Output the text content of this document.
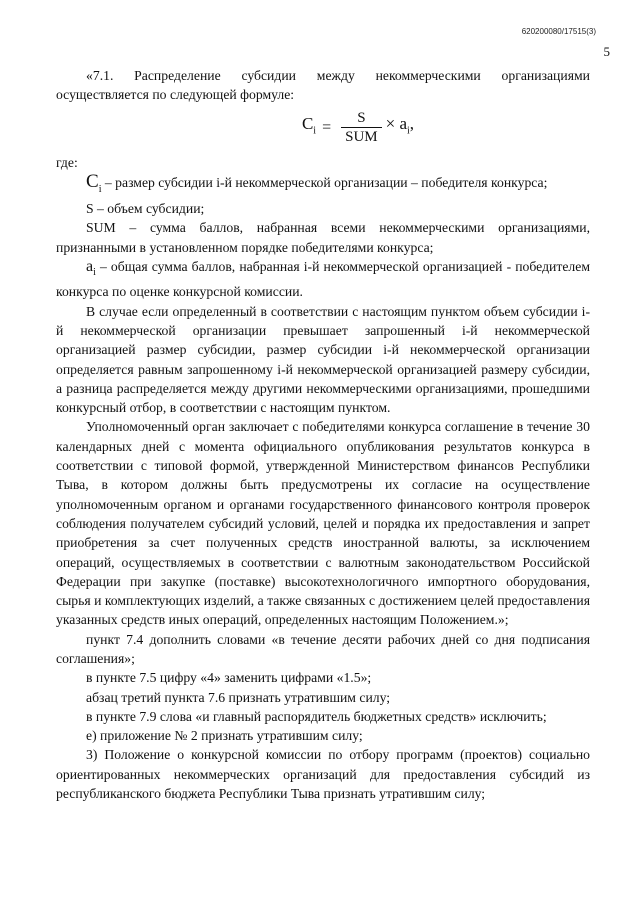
620200080/17515(3)
5

«7.1. Распределение субсидии между некоммерческими организациями осуществляется по следующей формуле:

$C_i = \frac{S}{\text{SUM}} \times a_i$,

где:

$C_i$ – размер субсидии i-й некоммерческой организации – победителя конкурса;

S – объем субсидии;

SUM – сумма баллов, набранная всеми некоммерческими организациями, признанными в установленном порядке победителями конкурса;

$a_i$ – общая сумма баллов, набранная i-й некоммерческой организацией - победителем конкурса по оценке конкурсной комиссии.

В случае если определенный в соответствии с настоящим пунктом объем субсидии i-й некоммерческой организации превышает запрошенный i-й некоммерческой организацией размер субсидии, размер субсидии i-й некоммерческой организации определяется равным запрошенному i-й некоммерческой организацией размеру субсидии, а разница распределяется между другими некоммерческими организациями, прошедшими конкурсный отбор, в соответствии с настоящим пунктом.

Уполномоченный орган заключает с победителями конкурса соглашение в течение 30 календарных дней с момента официального опубликования результатов конкурса в соответствии с типовой формой, утвержденной Министерством финансов Республики Тыва, в котором должны быть предусмотрены их согласие на осуществление уполномоченным органом и органами государственного финансового контроля проверок соблюдения получателем субсидий условий, целей и порядка их предоставления и запрет приобретения за счет полученных средств иностранной валюты, за исключением операций, осуществляемых в соответствии с валютным законодательством Российской Федерации при закупке (поставке) высокотехнологичного импортного оборудования, сырья и комплектующих изделий, а также связанных с достижением целей предоставления указанных средств иных операций, определенных настоящим Положением.»;

пункт 7.4 дополнить словами «в течение десяти рабочих дней со дня подписания соглашения»;

в пункте 7.5 цифру «4» заменить цифрами «1.5»;

абзац третий пункта 7.6 признать утратившим силу;

в пункте 7.9 слова «и главный распорядитель бюджетных средств» исключить;

е) приложение № 2 признать утратившим силу;

3) Положение о конкурсной комиссии по отбору программ (проектов) социально ориентированных некоммерческих организаций для предоставления субсидий из республиканского бюджета Республики Тыва признать утратившим силу;
